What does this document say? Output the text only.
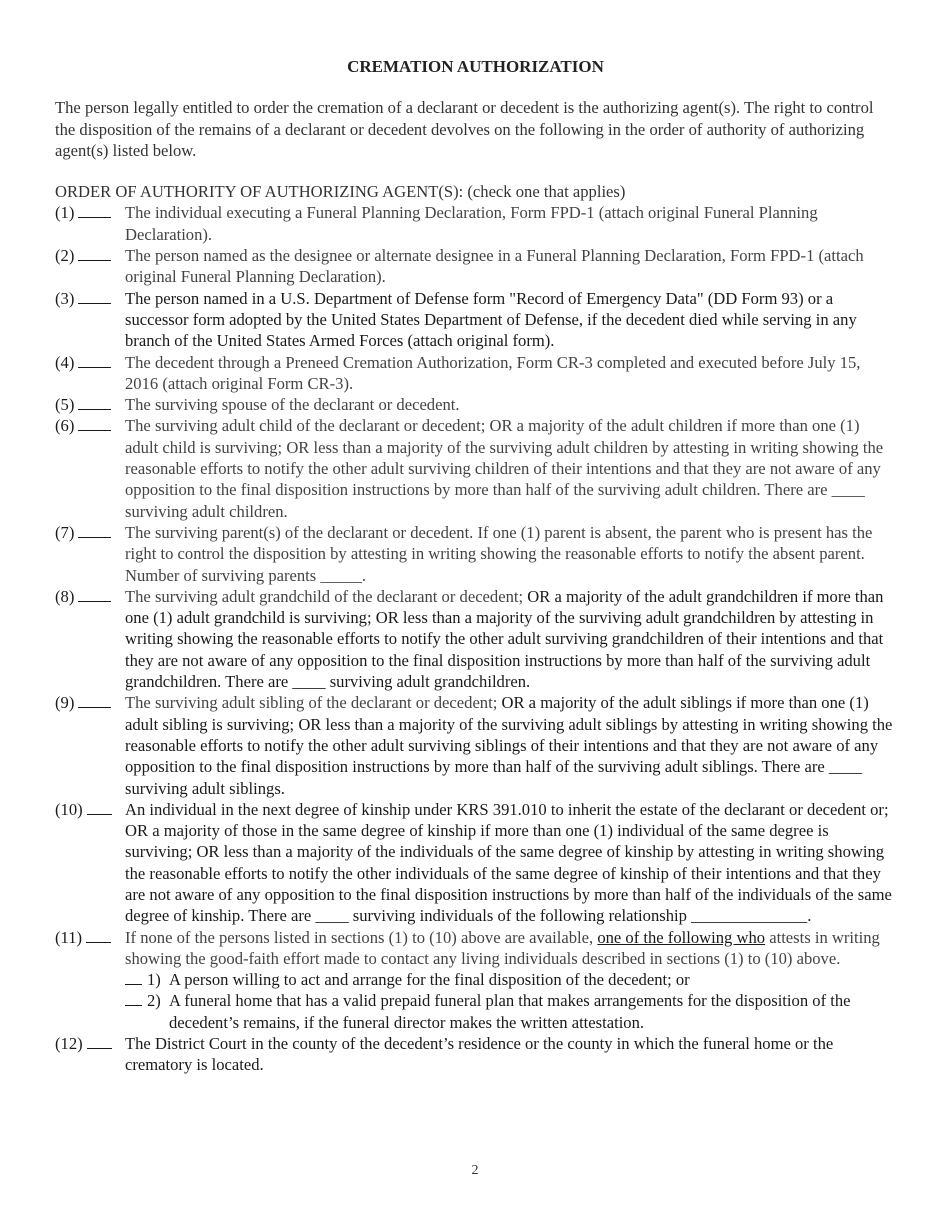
CREMATION AUTHORIZATION

The person legally entitled to order the cremation of a declarant or decedent is the authorizing agent(s). The right to control the disposition of the remains of a declarant or decedent devolves on the following in the order of authority of authorizing agent(s) listed below.

ORDER OF AUTHORITY OF AUTHORIZING AGENT(S): (check one that applies)

(1)	The individual executing a Funeral Planning Declaration, Form FPD-1 (attach original Funeral Planning Declaration).
(2)	The person named as the designee or alternate designee in a Funeral Planning Declaration, Form FPD-1 (attach original Funeral Planning Declaration).
(3)	The person named in a U.S. Department of Defense form "Record of Emergency Data" (DD Form 93) or a successor form adopted by the United States Department of Defense, if the decedent died while serving in any branch of the United States Armed Forces (attach original form).
(4)	The decedent through a Preneed Cremation Authorization, Form CR-3 completed and executed before July 15, 2016 (attach original Form CR-3).
(5)	The surviving spouse of the declarant or decedent.
(6)	The surviving adult child of the declarant or decedent; OR a majority of the adult children if more than one (1) adult child is surviving; OR less than a majority of the surviving adult children by attesting in writing showing the reasonable efforts to notify the other adult surviving children of their intentions and that they are not aware of any opposition to the final disposition instructions by more than half of the surviving adult children. There are ____ surviving adult children.
(7)	The surviving parent(s) of the declarant or decedent. If one (1) parent is absent, the parent who is present has the right to control the disposition by attesting in writing showing the reasonable efforts to notify the absent parent. Number of surviving parents _____.
(8)	The surviving adult grandchild of the declarant or decedent; OR a majority of the adult grandchildren if more than one (1) adult grandchild is surviving; OR less than a majority of the surviving adult grandchildren by attesting in writing showing the reasonable efforts to notify the other adult surviving grandchildren of their intentions and that they are not aware of any opposition to the final disposition instructions by more than half of the surviving adult grandchildren. There are ____ surviving adult grandchildren.
(9)	The surviving adult sibling of the declarant or decedent; OR a majority of the adult siblings if more than one (1) adult sibling is surviving; OR less than a majority of the surviving adult siblings by attesting in writing showing the reasonable efforts to notify the other adult surviving siblings of their intentions and that they are not aware of any opposition to the final disposition instructions by more than half of the surviving adult siblings. There are ____ surviving adult siblings.
(10)	An individual in the next degree of kinship under KRS 391.010 to inherit the estate of the declarant or decedent or; OR a majority of those in the same degree of kinship if more than one (1) individual of the same degree is surviving; OR less than a majority of the individuals of the same degree of kinship by attesting in writing showing the reasonable efforts to notify the other individuals of the same degree of kinship of their intentions and that they are not aware of any opposition to the final disposition instructions by more than half of the individuals of the same degree of kinship. There are ____ surviving individuals of the following relationship ______________.
(11)	If none of the persons listed in sections (1) to (10) above are available, one of the following who attests in writing showing the good-faith effort made to contact any living individuals described in sections (1) to (10) above.
1) A person willing to act and arrange for the final disposition of the decedent; or
2) A funeral home that has a valid prepaid funeral plan that makes arrangements for the disposition of the decedent’s remains, if the funeral director makes the written attestation.
(12)	The District Court in the county of the decedent’s residence or the county in which the funeral home or the crematory is located.
2
